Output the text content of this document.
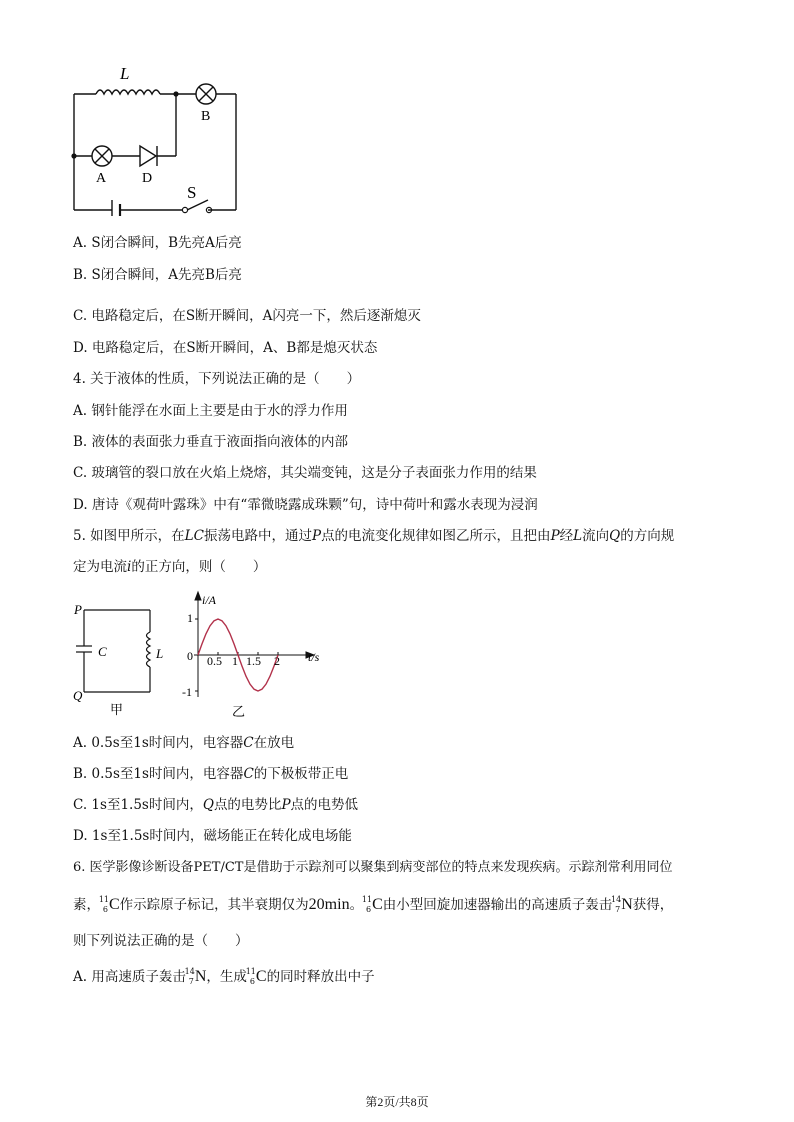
L
B
A	D
S
A. S闭合瞬间，B先亮A后亮
B. S闭合瞬间，A先亮B后亮
C. 电路稳定后，在S断开瞬间，A闪亮一下，然后逐渐熄灭
D. 电路稳定后，在S断开瞬间，A、B都是熄灭状态
4. 关于液体的性质，下列说法正确的是（　　）
A. 钢针能浮在水面上主要是由于水的浮力作用
B. 液体的表面张力垂直于液面指向液体的内部
C. 玻璃管的裂口放在火焰上烧熔，其尖端变钝，这是分子表面张力作用的结果
D. 唐诗《观荷叶露珠》中有“霏微晓露成珠颗”句，诗中荷叶和露水表现为浸润
5. 如图甲所示，在LC振荡电路中，通过P点的电流变化规律如图乙所示，且把由P经L流向Q的方向规
定为电流i的正方向，则（　　）
P
Q
C	L
甲
i/A
t/s
1
0
-1
0.5 1 1.5 2
乙
A. 0.5s至1s时间内，电容器C在放电
B. 0.5s至1s时间内，电容器C的下极板带正电
C. 1s至1.5s时间内，Q点的电势比P点的电势低
D. 1s至1.5s时间内，磁场能正在转化成电场能
6. 医学影像诊断设备PET/CT是借助于示踪剂可以聚集到病变部位的特点来发现疾病。示踪剂常利用同位
素，
11
6 C作示踪原子标记，其半衰期仅为20min。
11
6 C由小型回旋加速器输出的高速质子轰击
14
7 N获得，
则下列说法正确的是（　　）
A. 用高速质子轰击
14
7 N，生成
11
6 C的同时释放出中子
第2页/共8页
